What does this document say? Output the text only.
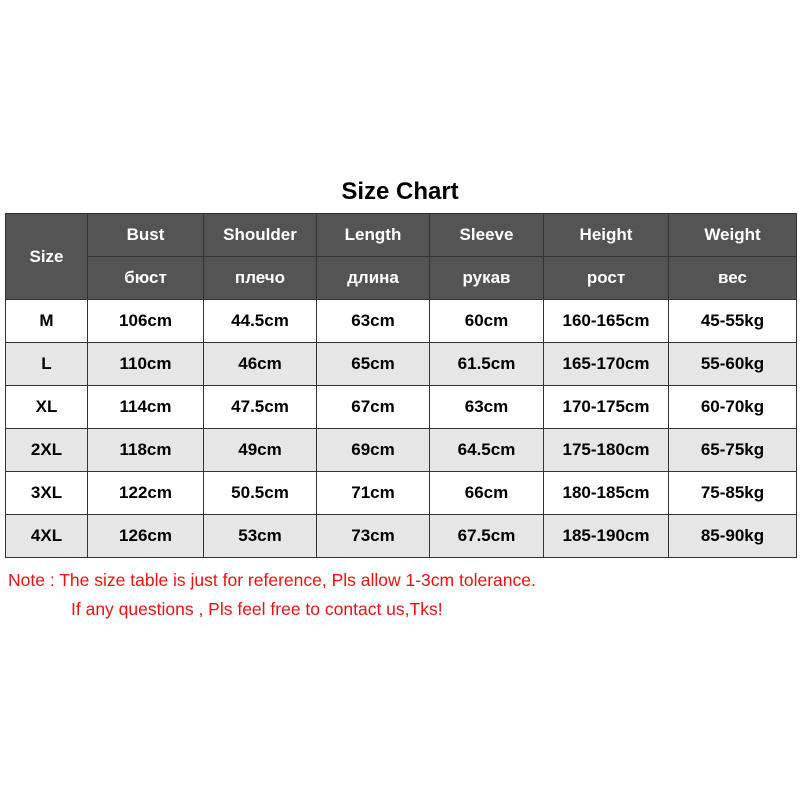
Size Chart
Size	Bust	Shoulder	Length	Sleeve	Height	Weight
	бюст	плечо	длина	рукав	рост	вес
M	106cm	44.5cm	63cm	60cm	160-165cm	45-55kg
L	110cm	46cm	65cm	61.5cm	165-170cm	55-60kg
XL	114cm	47.5cm	67cm	63cm	170-175cm	60-70kg
2XL	118cm	49cm	69cm	64.5cm	175-180cm	65-75kg
3XL	122cm	50.5cm	71cm	66cm	180-185cm	75-85kg
4XL	126cm	53cm	73cm	67.5cm	185-190cm	85-90kg
Note : The size table is just for reference, Pls allow 1-3cm tolerance.
If any questions , Pls feel free to contact us,Tks!
